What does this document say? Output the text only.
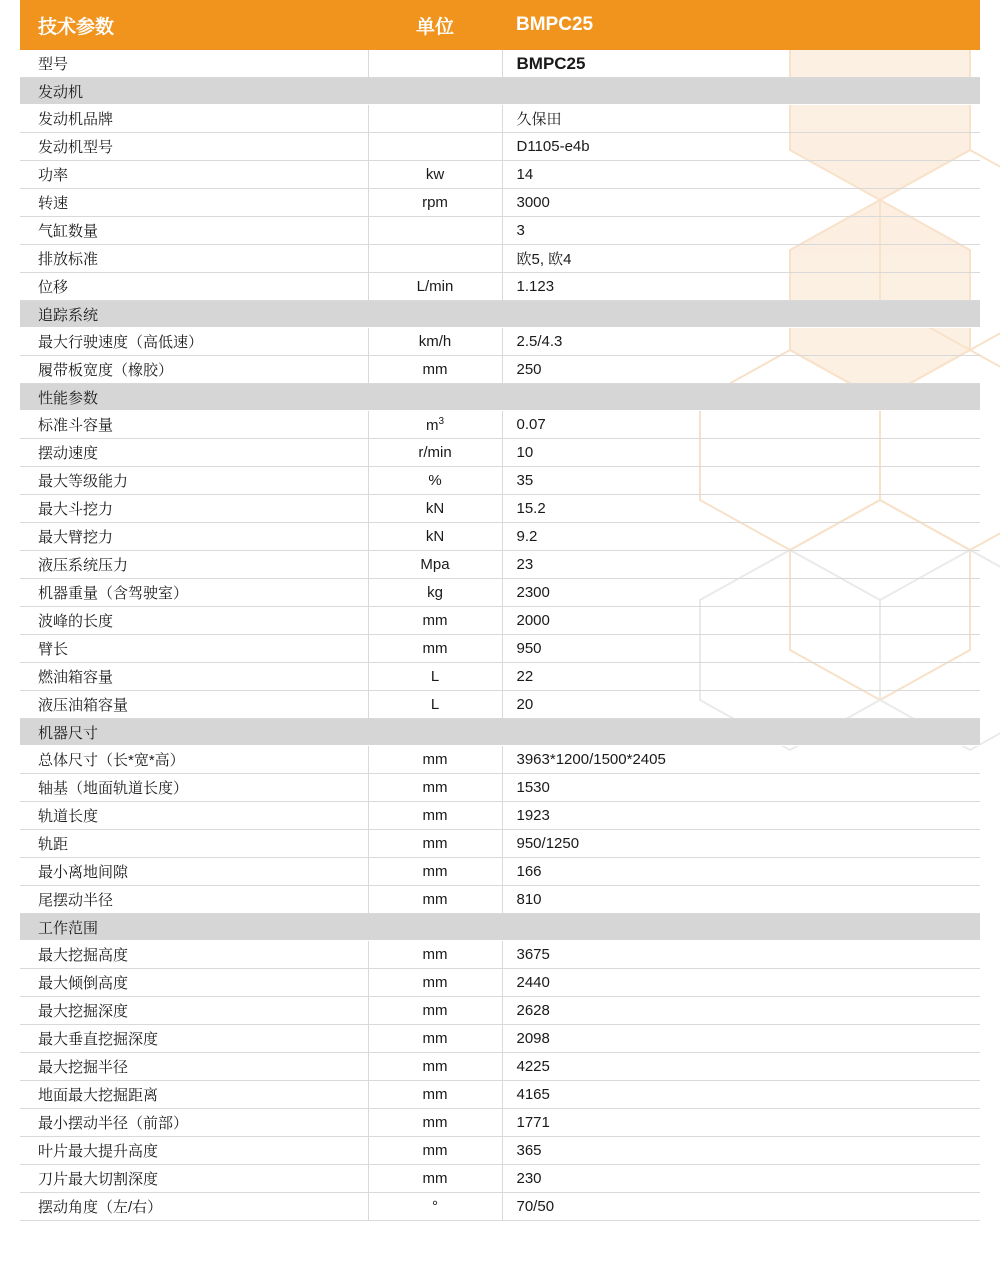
技术参数	单位	BMPC25
型号		BMPC25
发动机		
发动机品牌		久保田
发动机型号		D1105-e4b
功率	kw	14
转速	rpm	3000
气缸数量		3
排放标准		欧5, 欧4
位移	L/min	1.123
追踪系统		
最大行驶速度（高低速）	km/h	2.5/4.3
履带板宽度（橡胶）	mm	250
性能参数		
标准斗容量	$m^3$	0.07
摆动速度	r/min	10
最大等级能力	%	35
最大斗挖力	kN	15.2
最大臂挖力	kN	9.2
液压系统压力	Mpa	23
机器重量（含驾驶室）	kg	2300
波峰的长度	mm	2000
臂长	mm	950
燃油箱容量	L	22
液压油箱容量	L	20
机器尺寸		
总体尺寸（长*宽*高）	mm	3963*1200/1500*2405
轴基（地面轨道长度）	mm	1530
轨道长度	mm	1923
轨距	mm	950/1250
最小离地间隙	mm	166
尾摆动半径	mm	810
工作范围		
最大挖掘高度	mm	3675
最大倾倒高度	mm	2440
最大挖掘深度	mm	2628
最大垂直挖掘深度	mm	2098
最大挖掘半径	mm	4225
地面最大挖掘距离	mm	4165
最小摆动半径（前部）	mm	1771
叶片最大提升高度	mm	365
刀片最大切割深度	mm	230
摆动角度（左/右）	°	70/50
